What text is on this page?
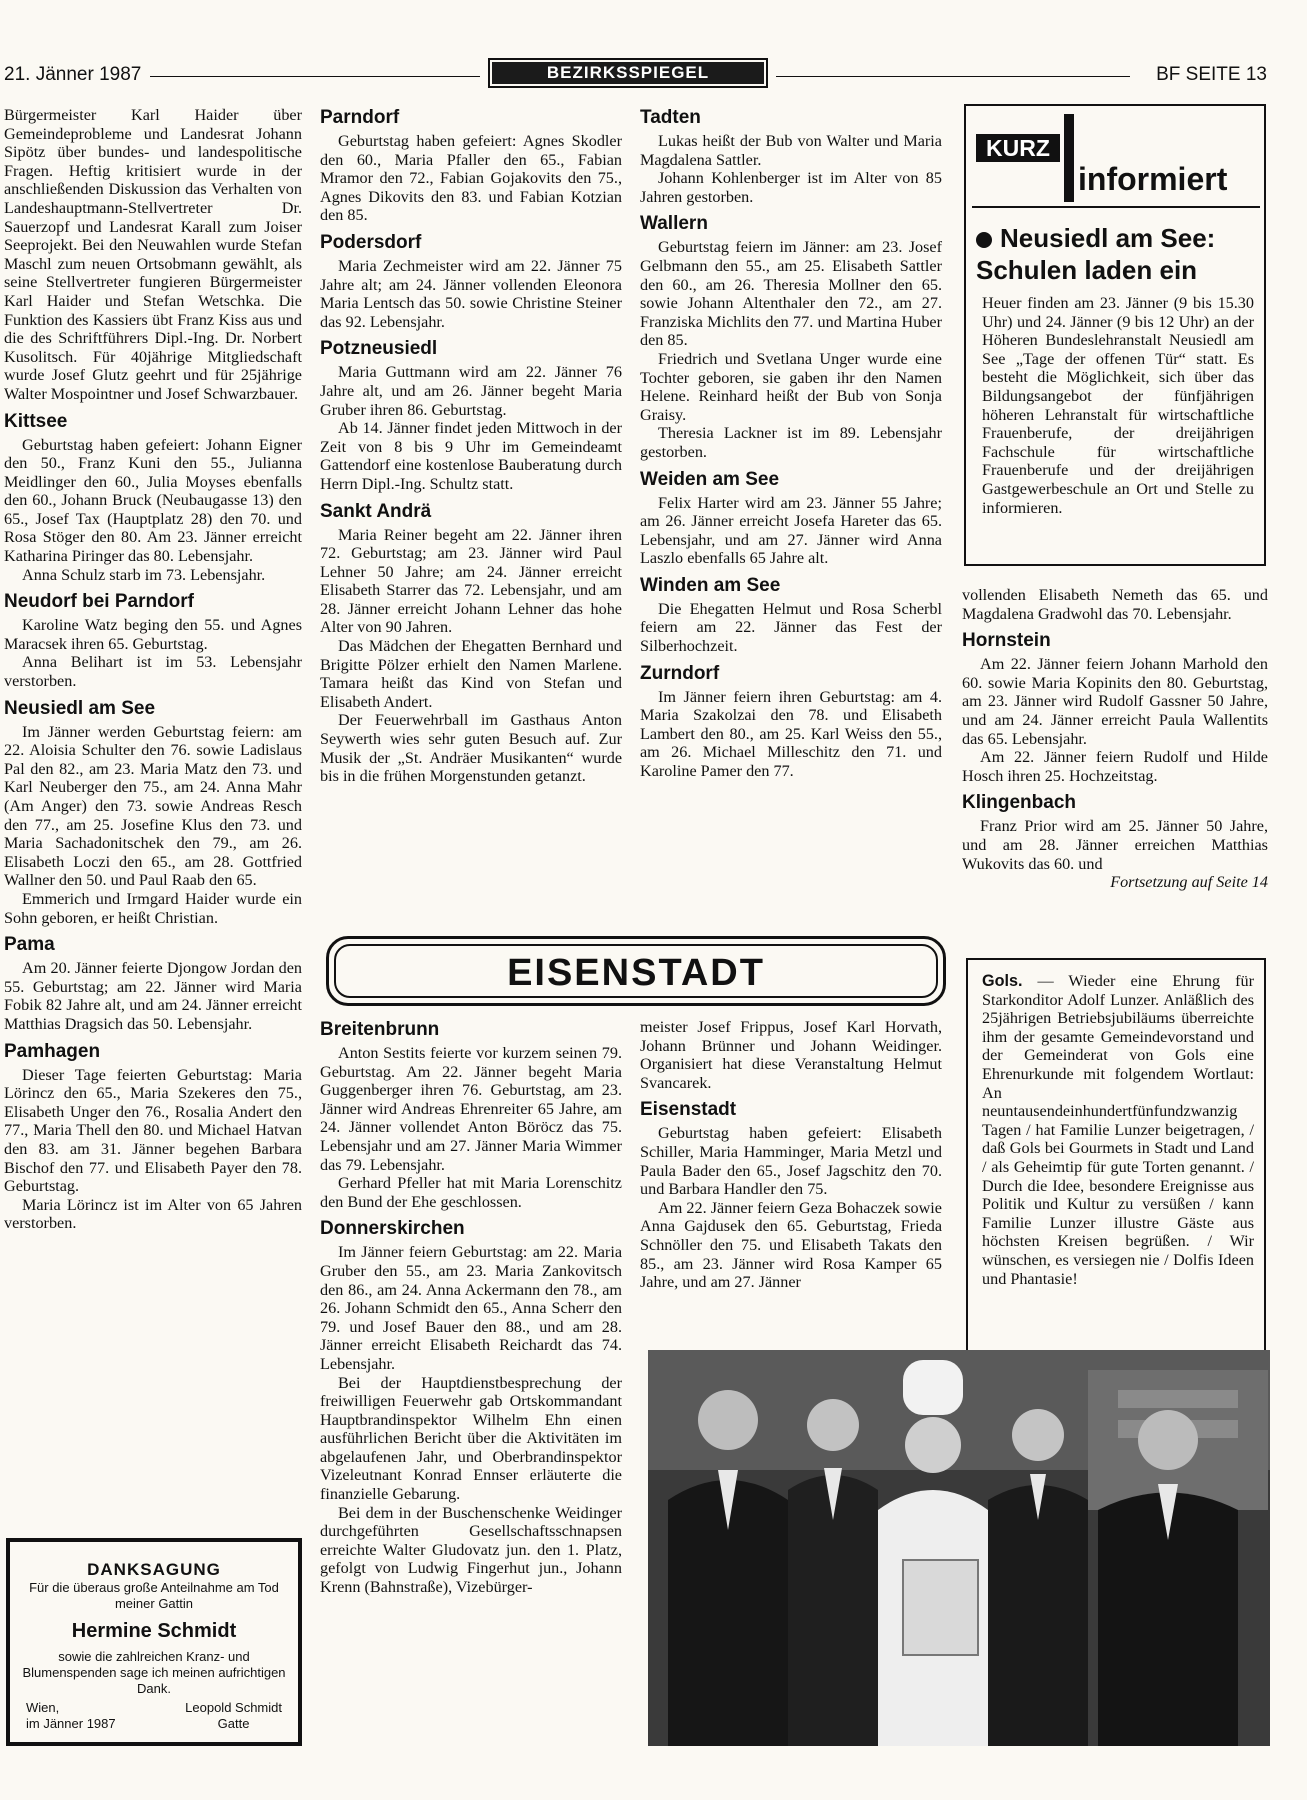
21. Jänner 1987	BEZIRKSSPIEGEL	BF SEITE 13

Bürgermeister Karl Haider über Gemeindeprobleme und Landesrat Johann Sipötz über bundes- und landespolitische Fragen. Heftig kritisiert wurde in der anschließenden Diskussion das Verhalten von Landeshauptmann-Stellvertreter Dr. Sauerzopf und Landesrat Karall zum Joiser Seeprojekt. Bei den Neuwahlen wurde Stefan Maschl zum neuen Ortsobmann gewählt, als seine Stellvertreter fungieren Bürgermeister Karl Haider und Stefan Wetschka. Die Funktion des Kassiers übt Franz Kiss aus und die des Schriftführers Dipl.-Ing. Dr. Norbert Kusolitsch. Für 40jährige Mitgliedschaft wurde Josef Glutz geehrt und für 25jährige Walter Mospointner und Josef Schwarzbauer.

Kittsee

Geburtstag haben gefeiert: Johann Eigner den 50., Franz Kuni den 55., Julianna Meidlinger den 60., Julia Moyses ebenfalls den 60., Johann Bruck (Neubaugasse 13) den 65., Josef Tax (Hauptplatz 28) den 70. und Rosa Stöger den 80. Am 23. Jänner erreicht Katharina Piringer das 80. Lebensjahr.

Anna Schulz starb im 73. Lebensjahr.

Neudorf bei Parndorf

Karoline Watz beging den 55. und Agnes Maracsek ihren 65. Geburtstag.

Anna Belihart ist im 53. Lebensjahr verstorben.

Neusiedl am See

Im Jänner werden Geburtstag feiern: am 22. Aloisia Schulter den 76. sowie Ladislaus Pal den 82., am 23. Maria Matz den 73. und Karl Neuberger den 75., am 24. Anna Mahr (Am Anger) den 73. sowie Andreas Resch den 77., am 25. Josefine Klus den 73. und Maria Sachadonitschek den 79., am 26. Elisabeth Loczi den 65., am 28. Gottfried Wallner den 50. und Paul Raab den 65.

Emmerich und Irmgard Haider wurde ein Sohn geboren, er heißt Christian.

Pama

Am 20. Jänner feierte Djongow Jordan den 55. Geburtstag; am 22. Jänner wird Maria Fobik 82 Jahre alt, und am 24. Jänner erreicht Matthias Dragsich das 50. Lebensjahr.

Pamhagen

Dieser Tage feierten Geburtstag: Maria Lörincz den 65., Maria Szekeres den 75., Elisabeth Unger den 76., Rosalia Andert den 77., Maria Thell den 80. und Michael Hatvan den 83. am 31. Jänner begehen Barbara Bischof den 77. und Elisabeth Payer den 78. Geburtstag.

Maria Lörincz ist im Alter von 65 Jahren verstorben.

Parndorf

Geburtstag haben gefeiert: Agnes Skodler den 60., Maria Pfaller den 65., Fabian Mramor den 72., Fabian Gojakovits den 75., Agnes Dikovits den 83. und Fabian Kotzian den 85.

Podersdorf

Maria Zechmeister wird am 22. Jänner 75 Jahre alt; am 24. Jänner vollenden Eleonora Maria Lentsch das 50. sowie Christine Steiner das 92. Lebensjahr.

Potzneusiedl

Maria Guttmann wird am 22. Jänner 76 Jahre alt, und am 26. Jänner begeht Maria Gruber ihren 86. Geburtstag.

Ab 14. Jänner findet jeden Mittwoch in der Zeit von 8 bis 9 Uhr im Gemeindeamt Gattendorf eine kostenlose Bauberatung durch Herrn Dipl.-Ing. Schultz statt.

Sankt Andrä

Maria Reiner begeht am 22. Jänner ihren 72. Geburtstag; am 23. Jänner wird Paul Lehner 50 Jahre; am 24. Jänner erreicht Elisabeth Starrer das 72. Lebensjahr, und am 28. Jänner erreicht Johann Lehner das hohe Alter von 90 Jahren.

Das Mädchen der Ehegatten Bernhard und Brigitte Pölzer erhielt den Namen Marlene. Tamara heißt das Kind von Stefan und Elisabeth Andert.

Der Feuerwehrball im Gasthaus Anton Seywerth wies sehr guten Besuch auf. Zur Musik der „St. Andräer Musikanten“ wurde bis in die frühen Morgenstunden getanzt.

Tadten

Lukas heißt der Bub von Walter und Maria Magdalena Sattler.

Johann Kohlenberger ist im Alter von 85 Jahren gestorben.

Wallern

Geburtstag feiern im Jänner: am 23. Josef Gelbmann den 55., am 25. Elisabeth Sattler den 60., am 26. Theresia Mollner den 65. sowie Johann Altenthaler den 72., am 27. Franziska Michlits den 77. und Martina Huber den 85.

Friedrich und Svetlana Unger wurde eine Tochter geboren, sie gaben ihr den Namen Helene. Reinhard heißt der Bub von Sonja Graisy.

Theresia Lackner ist im 89. Lebensjahr gestorben.

Weiden am See

Felix Harter wird am 23. Jänner 55 Jahre; am 26. Jänner erreicht Josefa Hareter das 65. Lebensjahr, und am 27. Jänner wird Anna Laszlo ebenfalls 65 Jahre alt.

Winden am See

Die Ehegatten Helmut und Rosa Scherbl feiern am 22. Jänner das Fest der Silberhochzeit.

Zurndorf

Im Jänner feiern ihren Geburtstag: am 4. Maria Szakolzai den 78. und Elisabeth Lambert den 80., am 25. Karl Weiss den 55., am 26. Michael Milleschitz den 71. und Karoline Pamer den 77.

KURZ
informiert
Neusiedl am See: Schulen laden ein
Heuer finden am 23. Jänner (9 bis 15.30 Uhr) und 24. Jänner (9 bis 12 Uhr) an der Höheren Bundeslehranstalt Neusiedl am See „Tage der offenen Tür“ statt. Es besteht die Möglichkeit, sich über das Bildungsangebot der fünfjährigen höheren Lehranstalt für wirtschaftliche Frauenberufe, der dreijährigen Fachschule für wirtschaftliche Frauenberufe und der dreijährigen Gastgewerbeschule an Ort und Stelle zu informieren.

vollenden Elisabeth Nemeth das 65. und Magdalena Gradwohl das 70. Lebensjahr.

Hornstein

Am 22. Jänner feiern Johann Marhold den 60. sowie Maria Kopinits den 80. Geburtstag, am 23. Jänner wird Rudolf Gassner 50 Jahre, und am 24. Jänner erreicht Paula Wallentits das 65. Lebensjahr.

Am 22. Jänner feiern Rudolf und Hilde Hosch ihren 25. Hochzeitstag.

Klingenbach

Franz Prior wird am 25. Jänner 50 Jahre, und am 28. Jänner erreichen Matthias Wukovits das 60. und

Fortsetzung auf Seite 14

EISENSTADT	Gols. — Wieder eine Ehrung für Starkonditor Adolf Lunzer. Anläßlich des 25jährigen Betriebsjubiläums überreichte ihm der gesamte Gemeindevorstand und der Gemeinderat von Gols eine Ehrenurkunde mit folgendem Wortlaut: An neuntausendeinhundertfünfundzwanzig Tagen / hat Familie Lunzer beigetragen, / daß Gols bei Gourmets in Stadt und Land / als Geheimtip für gute Torten genannt. / Durch die Idee, besondere Ereignisse aus Politik und Kultur zu versüßen / kann Familie Lunzer illustre Gäste aus höchsten Kreisen begrüßen. / Wir wünschen, es versiegen nie / Dolfis Ideen und Phantasie!
Breitenbrunn

Anton Sestits feierte vor kurzem seinen 79. Geburtstag. Am 22. Jänner begeht Maria Guggenberger ihren 76. Geburtstag, am 23. Jänner wird Andreas Ehrenreiter 65 Jahre, am 24. Jänner vollendet Anton Böröcz das 75. Lebensjahr und am 27. Jänner Maria Wimmer das 79. Lebensjahr.

Gerhard Pfeller hat mit Maria Lorenschitz den Bund der Ehe geschlossen.

Donnerskirchen

Im Jänner feiern Geburtstag: am 22. Maria Gruber den 55., am 23. Maria Zankovitsch den 86., am 24. Anna Ackermann den 78., am 26. Johann Schmidt den 65., Anna Scherr den 79. und Josef Bauer den 88., und am 28. Jänner erreicht Elisabeth Reichardt das 74. Lebensjahr.

Bei der Hauptdienstbesprechung der freiwilligen Feuerwehr gab Ortskommandant Hauptbrandinspektor Wilhelm Ehn einen ausführlichen Bericht über die Aktivitäten im abgelaufenen Jahr, und Oberbrandinspektor Vizeleutnant Konrad Ennser erläuterte die finanzielle Gebarung.

Bei dem in der Buschenschenke Weidinger durchgeführten Gesellschaftsschnapsen erreichte Walter Gludovatz jun. den 1. Platz, gefolgt von Ludwig Fingerhut jun., Johann Krenn (Bahnstraße), Vizebürger-

meister Josef Frippus, Josef Karl Horvath, Johann Brünner und Johann Weidinger. Organisiert hat diese Veranstaltung Helmut Svancarek.

Eisenstadt

Geburtstag haben gefeiert: Elisabeth Schiller, Maria Hamminger, Maria Metzl und Paula Bader den 65., Josef Jagschitz den 70. und Barbara Handler den 75.

Am 22. Jänner feiern Geza Bohaczek sowie Anna Gajdusek den 65. Geburtstag, Frieda Schnöller den 75. und Elisabeth Takats den 85., am 23. Jänner wird Rosa Kamper 65 Jahre, und am 27. Jänner

DANKSAGUNG
Für die überaus große Anteilnahme am Tod meiner Gattin
Hermine Schmidt
sowie die zahlreichen Kranz- und Blumenspenden sage ich meinen aufrichtigen Dank.
Wien,
im Jänner 1987
Leopold Schmidt
Gatte
